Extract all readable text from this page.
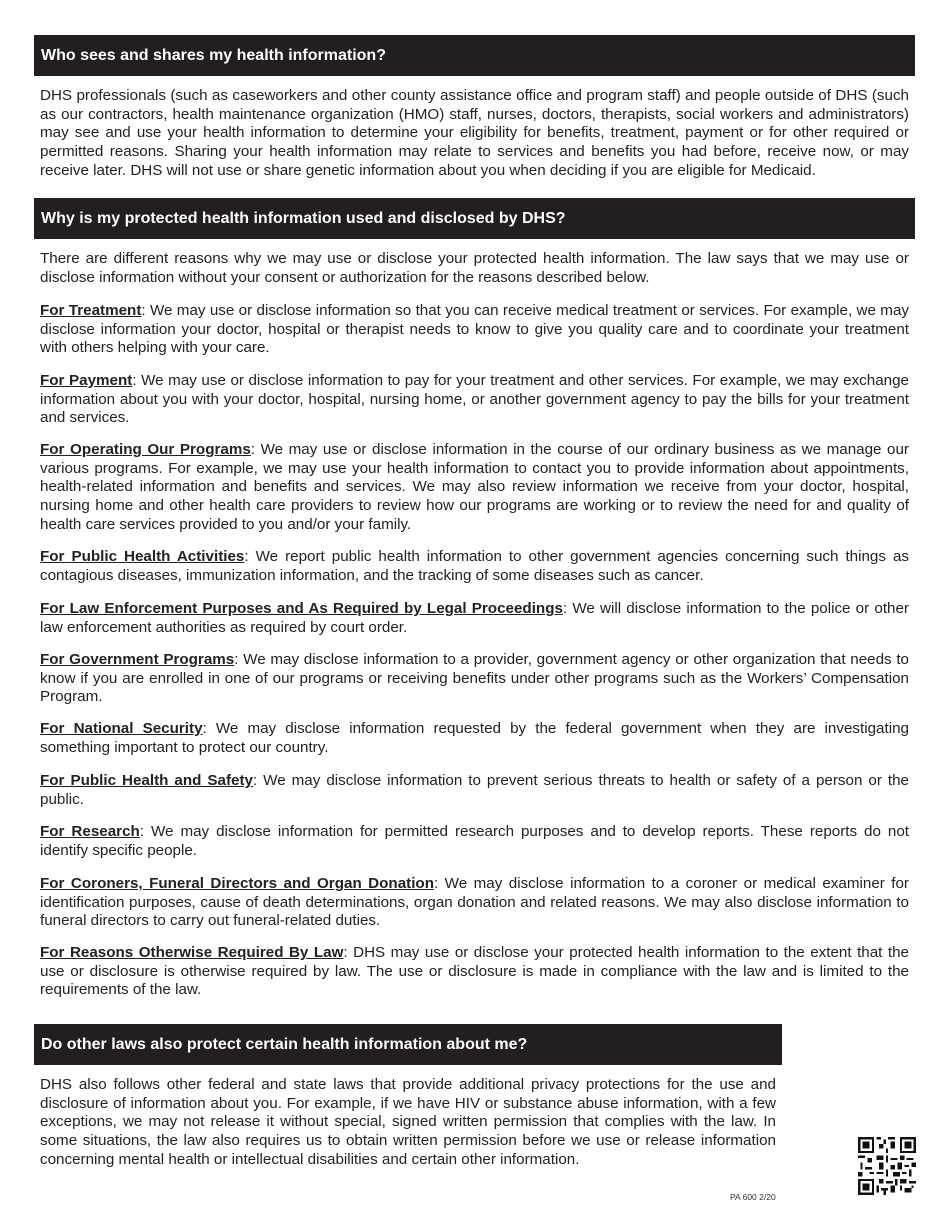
Who sees and shares my health information?

DHS professionals (such as caseworkers and other county assistance office and program staff) and people outside of DHS (such as our contractors, health maintenance organization (HMO) staff, nurses, doctors, therapists, social workers and administrators) may see and use your health information to determine your eligibility for benefits, treatment, payment or for other required or permitted reasons. Sharing your health information may relate to services and benefits you had before, receive now, or may receive later. DHS will not use or share genetic information about you when deciding if you are eligible for Medicaid.

Why is my protected health information used and disclosed by DHS?

There are different reasons why we may use or disclose your protected health information. The law says that we may use or disclose information without your consent or authorization for the reasons described below.

For Treatment: We may use or disclose information so that you can receive medical treatment or services. For example, we may disclose information your doctor, hospital or therapist needs to know to give you quality care and to coordinate your treatment with others helping with your care.

For Payment: We may use or disclose information to pay for your treatment and other services. For example, we may exchange information about you with your doctor, hospital, nursing home, or another government agency to pay the bills for your treatment and services.

For Operating Our Programs: We may use or disclose information in the course of our ordinary business as we manage our various programs. For example, we may use your health information to contact you to provide information about appointments, health-related information and benefits and services. We may also review information we receive from your doctor, hospital, nursing home and other health care providers to review how our programs are working or to review the need for and quality of health care services provided to you and/or your family.

For Public Health Activities: We report public health information to other government agencies concerning such things as contagious diseases, immunization information, and the tracking of some diseases such as cancer.

For Law Enforcement Purposes and As Required by Legal Proceedings: We will disclose information to the police or other law enforcement authorities as required by court order.

For Government Programs: We may disclose information to a provider, government agency or other organization that needs to know if you are enrolled in one of our programs or receiving benefits under other programs such as the Workers’ Compensation Program.

For National Security: We may disclose information requested by the federal government when they are investigating something important to protect our country.

For Public Health and Safety: We may disclose information to prevent serious threats to health or safety of a person or the public.

For Research: We may disclose information for permitted research purposes and to develop reports. These reports do not identify specific people.

For Coroners, Funeral Directors and Organ Donation: We may disclose information to a coroner or medical examiner for identification purposes, cause of death determinations, organ donation and related reasons. We may also disclose information to funeral directors to carry out funeral-related duties.

For Reasons Otherwise Required By Law: DHS may use or disclose your protected health information to the extent that the use or disclosure is otherwise required by law. The use or disclosure is made in compliance with the law and is limited to the requirements of the law.

Do other laws also protect certain health information about me?

DHS also follows other federal and state laws that provide additional privacy protections for the use and disclosure of information about you. For example, if we have HIV or substance abuse information, with a few exceptions, we may not release it without special, signed written permission that complies with the law. In some situations, the law also requires us to obtain written permission before we use or release information concerning mental health or intellectual disabilities and certain other information.

PA 600 2/20
